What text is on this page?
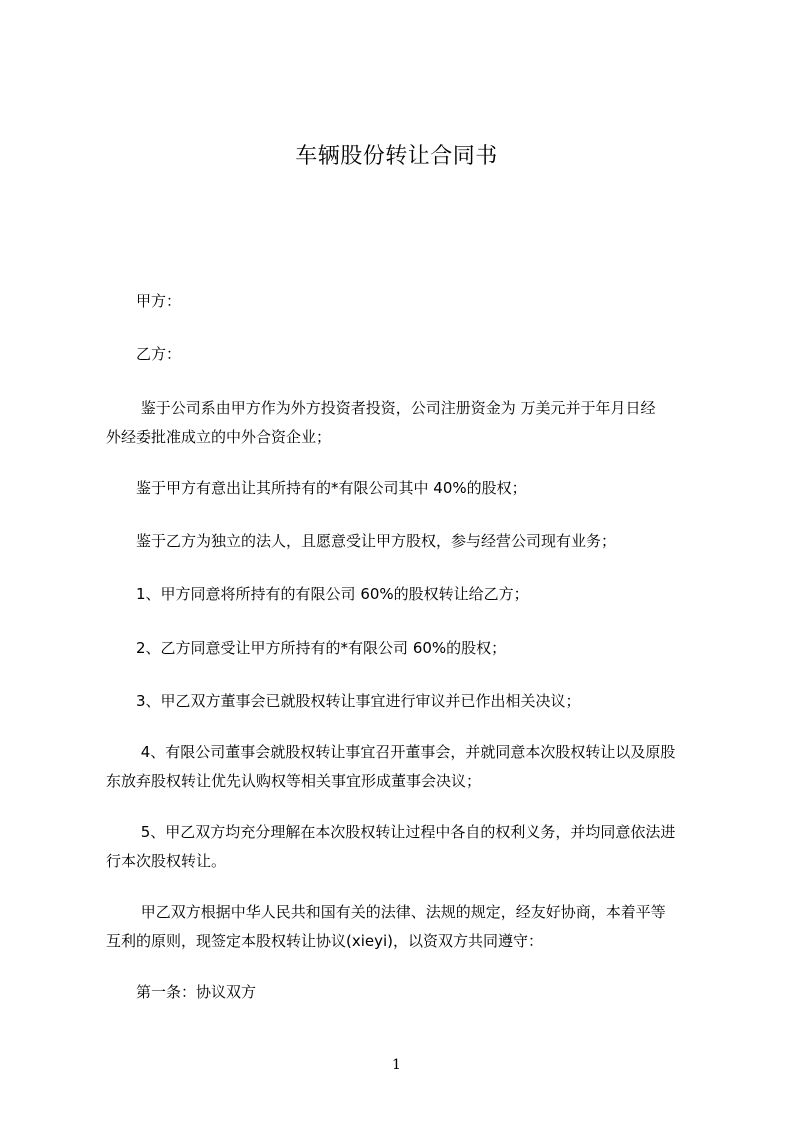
车辆股份转让合同书
　　甲方：
　　乙方：
　　 鉴于公司系由甲方作为外方投资者投资，公司注册资金为 万美元并于年月日经
外经委批准成立的中外合资企业；
　　鉴于甲方有意出让其所持有的*有限公司其中 40%的股权；
　　鉴于乙方为独立的法人，且愿意受让甲方股权，参与经营公司现有业务；
　　1、甲方同意将所持有的有限公司 60%的股权转让给乙方；
　　2、乙方同意受让甲方所持有的*有限公司 60%的股权；
　　3、甲乙双方董事会已就股权转让事宜进行审议并已作出相关决议；
　　 4、有限公司董事会就股权转让事宜召开董事会，并就同意本次股权转让以及原股
东放弃股权转让优先认购权等相关事宜形成董事会决议；
　　 5、甲乙双方均充分理解在本次股权转让过程中各自的权利义务，并均同意依法进
行本次股权转让。
　　 甲乙双方根据中华人民共和国有关的法律、法规的规定，经友好协商，本着平等
互利的原则，现签定本股权转让协议(xieyi)，以资双方共同遵守：
　　第一条：协议双方
1
